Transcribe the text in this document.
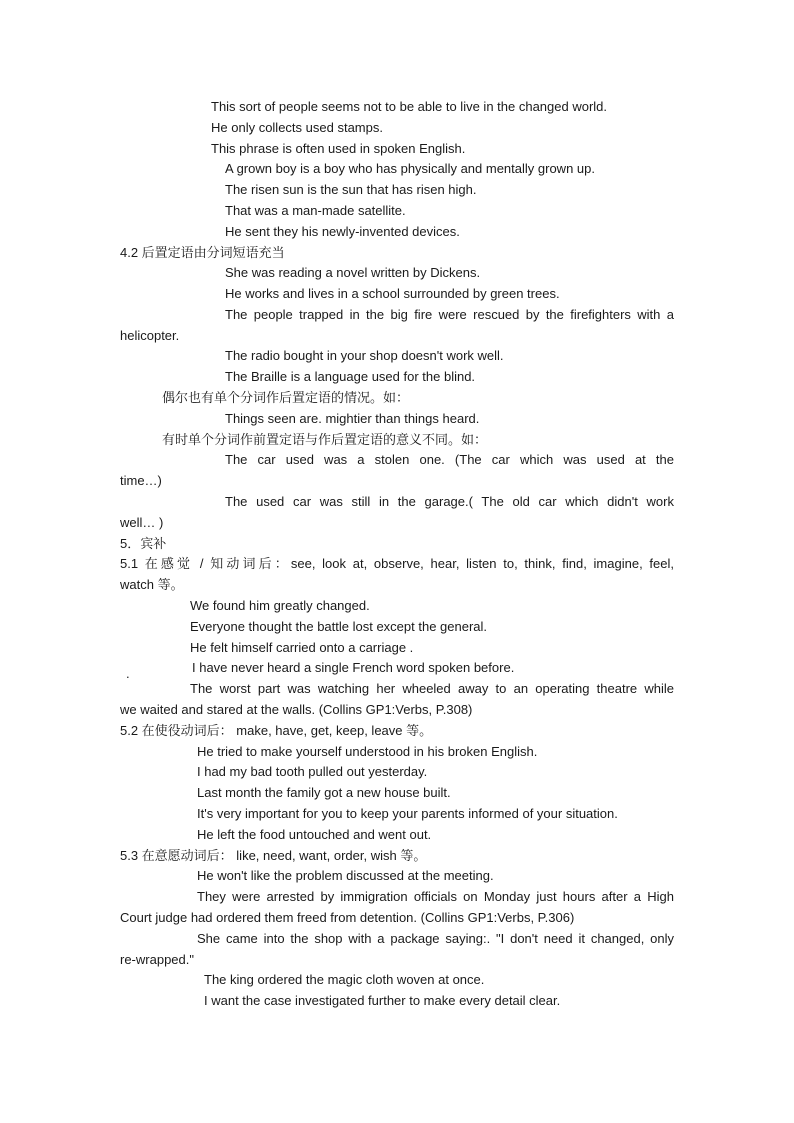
This sort of people seems not to be able to live in the changed world.
He only collects used stamps.
This phrase is often used in spoken English.
A grown boy is a boy who has physically and mentally grown up.
The risen sun is the sun that has risen high.
That was a man-made satellite.
He sent they his newly-invented devices.
4.2 后置定语由分词短语充当
She was reading a novel written by Dickens.
He works and lives in a school surrounded by green trees.
The people trapped in the big fire were rescued by the firefighters with a
helicopter.
The radio bought in your shop doesn't work well.
The Braille is a language used for the blind.
偶尔也有单个分词作后置定语的情况。如：
Things seen are. mightier than things heard.
有时单个分词作前置定语与作后置定语的意义不同。如：
The car used was a stolen one. (The car which was used at the
time…)
The used car was still in the garage.( The old car which didn't work
well… )
5．宾补
5.1 在感觉 / 知动词后：see, look at, observe, hear, listen to, think, find, imagine, feel,
watch 等。
We found him greatly changed.
Everyone thought the battle lost except the general.
He felt himself carried onto a carriage .
.	I have never heard a single French word spoken before.
The worst part was watching her wheeled away to an operating theatre while
we waited and stared at the walls. (Collins GP1:Verbs, P.308)
5.2 在使役动词后： make, have, get, keep, leave 等。
He tried to make yourself understood in his broken English.
I had my bad tooth pulled out yesterday.
Last month the family got a new house built.
It's very important for you to keep your parents informed of your situation.
He left the food untouched and went out.
5.3 在意愿动词后： like, need, want, order, wish 等。
He won't like the problem discussed at the meeting.
They were arrested by immigration officials on Monday just hours after a High
Court judge had ordered them freed from detention. (Collins GP1:Verbs, P.306)
She came into the shop with a package saying:. "I don't need it changed, only
re-wrapped."
The king ordered the magic cloth woven at once.
I want the case investigated further to make every detail clear.
